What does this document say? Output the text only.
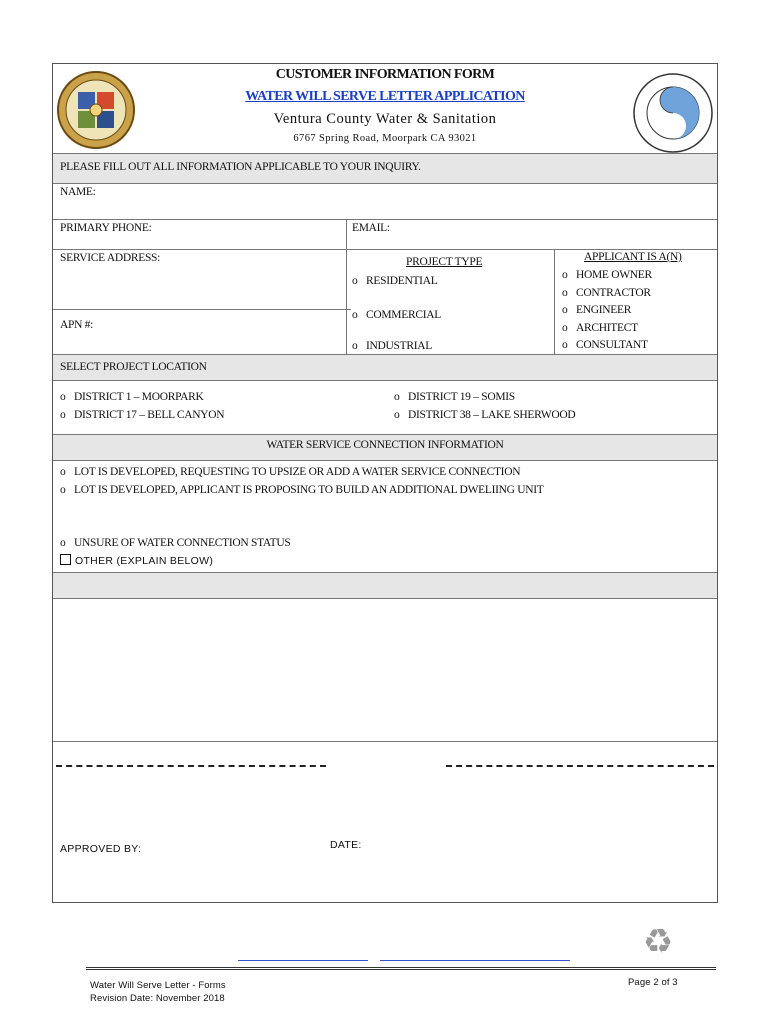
CUSTOMER INFORMATION FORM
WATER WILL SERVE LETTER APPLICATION
Ventura County Water & Sanitation
6767 Spring Road, Moorpark CA 93021
PLEASE FILL OUT ALL INFORMATION APPLICABLE TO YOUR INQUIRY.
NAME:
PRIMARY PHONE:	EMAIL:
SERVICE ADDRESS:
APN #:
PROJECT TYPE
o RESIDENTIAL
o COMMERCIAL
o INDUSTRIAL
APPLICANT IS A(N)
o HOME OWNER
o CONTRACTOR
o ENGINEER
o ARCHITECT
o CONSULTANT
SELECT PROJECT LOCATION
o DISTRICT 1 – MOORPARK
o DISTRICT 17 – BELL CANYON
o DISTRICT 19 – SOMIS
o DISTRICT 38 – LAKE SHERWOOD
WATER SERVICE CONNECTION INFORMATION
o LOT IS DEVELOPED, REQUESTING TO UPSIZE OR ADD A WATER SERVICE CONNECTION
o LOT IS DEVELOPED, APPLICANT IS PROPOSING TO BUILD AN ADDITIONAL DWELIING UNIT
o UNSURE OF WATER CONNECTION STATUS
OTHER (EXPLAIN BELOW)
APPROVED BY:	DATE:
♻
Water Will Serve Letter - Forms
Revision Date: November 2018
Page 2 of 3
